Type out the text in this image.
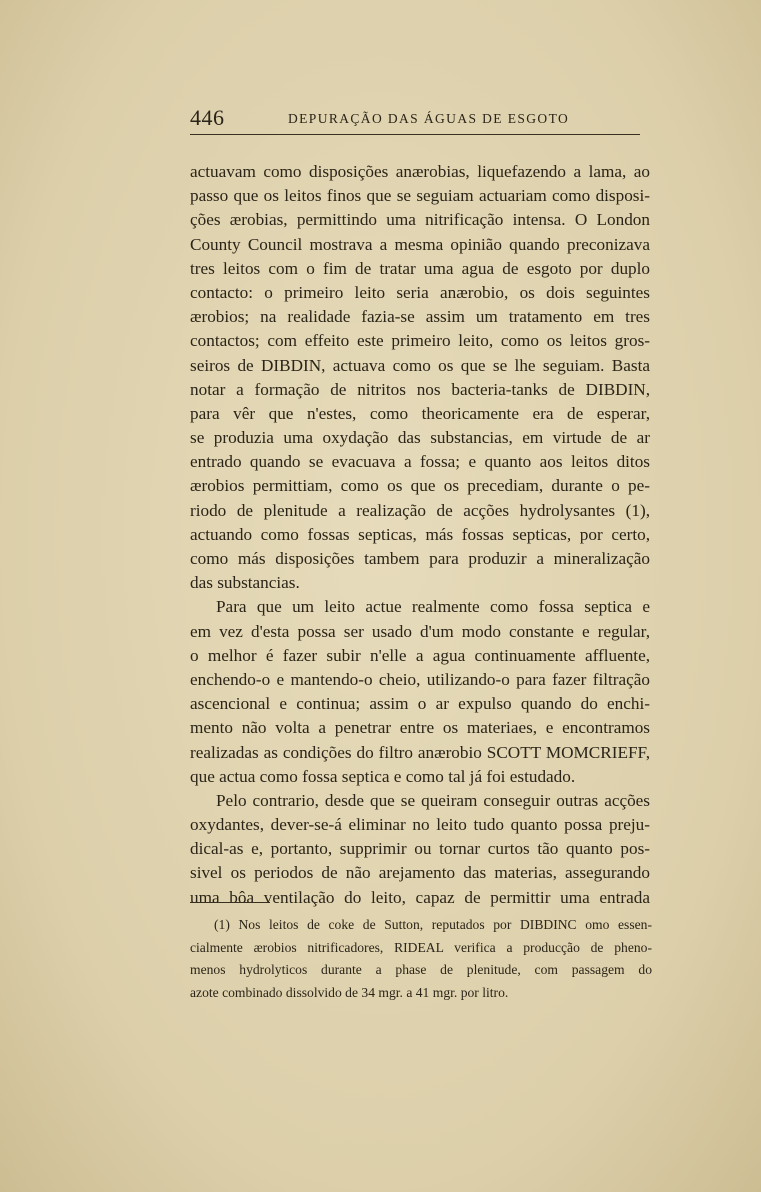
446	DEPURAÇÃO DAS ÁGUAS DE ESGOTO
actuavam como disposições anærobias, liquefazendo a lama, ao
passo que os leitos finos que se seguiam actuariam como disposi-
ções ærobias, permittindo uma nitrificação intensa. O London
County Council mostrava a mesma opinião quando preconizava
tres leitos com o fim de tratar uma agua de esgoto por duplo
contacto: o primeiro leito seria anærobio, os dois seguintes
ærobios; na realidade fazia-se assim um tratamento em tres
contactos; com effeito este primeiro leito, como os leitos gros-
seiros de DIBDIN, actuava como os que se lhe seguiam. Basta
notar a formação de nitritos nos bacteria-tanks de DIBDIN,
para vêr que n'estes, como theoricamente era de esperar,
se produzia uma oxydação das substancias, em virtude de ar
entrado quando se evacuava a fossa; e quanto aos leitos ditos
ærobios permittiam, como os que os precediam, durante o pe-
riodo de plenitude a realização de acções hydrolysantes (1),
actuando como fossas septicas, más fossas septicas, por certo,
como más disposições tambem para produzir a mineralização
das substancias.
Para que um leito actue realmente como fossa septica e
em vez d'esta possa ser usado d'um modo constante e regular,
o melhor é fazer subir n'elle a agua continuamente affluente,
enchendo-o e mantendo-o cheio, utilizando-o para fazer filtração
ascencional e continua; assim o ar expulso quando do enchi-
mento não volta a penetrar entre os materiaes, e encontramos
realizadas as condições do filtro anærobio SCOTT MOMCRIEFF,
que actua como fossa septica e como tal já foi estudado.
Pelo contrario, desde que se queiram conseguir outras acções
oxydantes, dever-se-á eliminar no leito tudo quanto possa preju-
dical-as e, portanto, supprimir ou tornar curtos tão quanto pos-
sivel os periodos de não arejamento das materias, assegurando
uma bôa ventilação do leito, capaz de permittir uma entrada
(1) Nos leitos de coke de Sutton, reputados por DIBDINC omo essen-
cialmente ærobios nitrificadores, RIDEAL verifica a producção de pheno-
menos hydrolyticos durante a phase de plenitude, com passagem do
azote combinado dissolvido de 34 mgr. a 41 mgr. por litro.
